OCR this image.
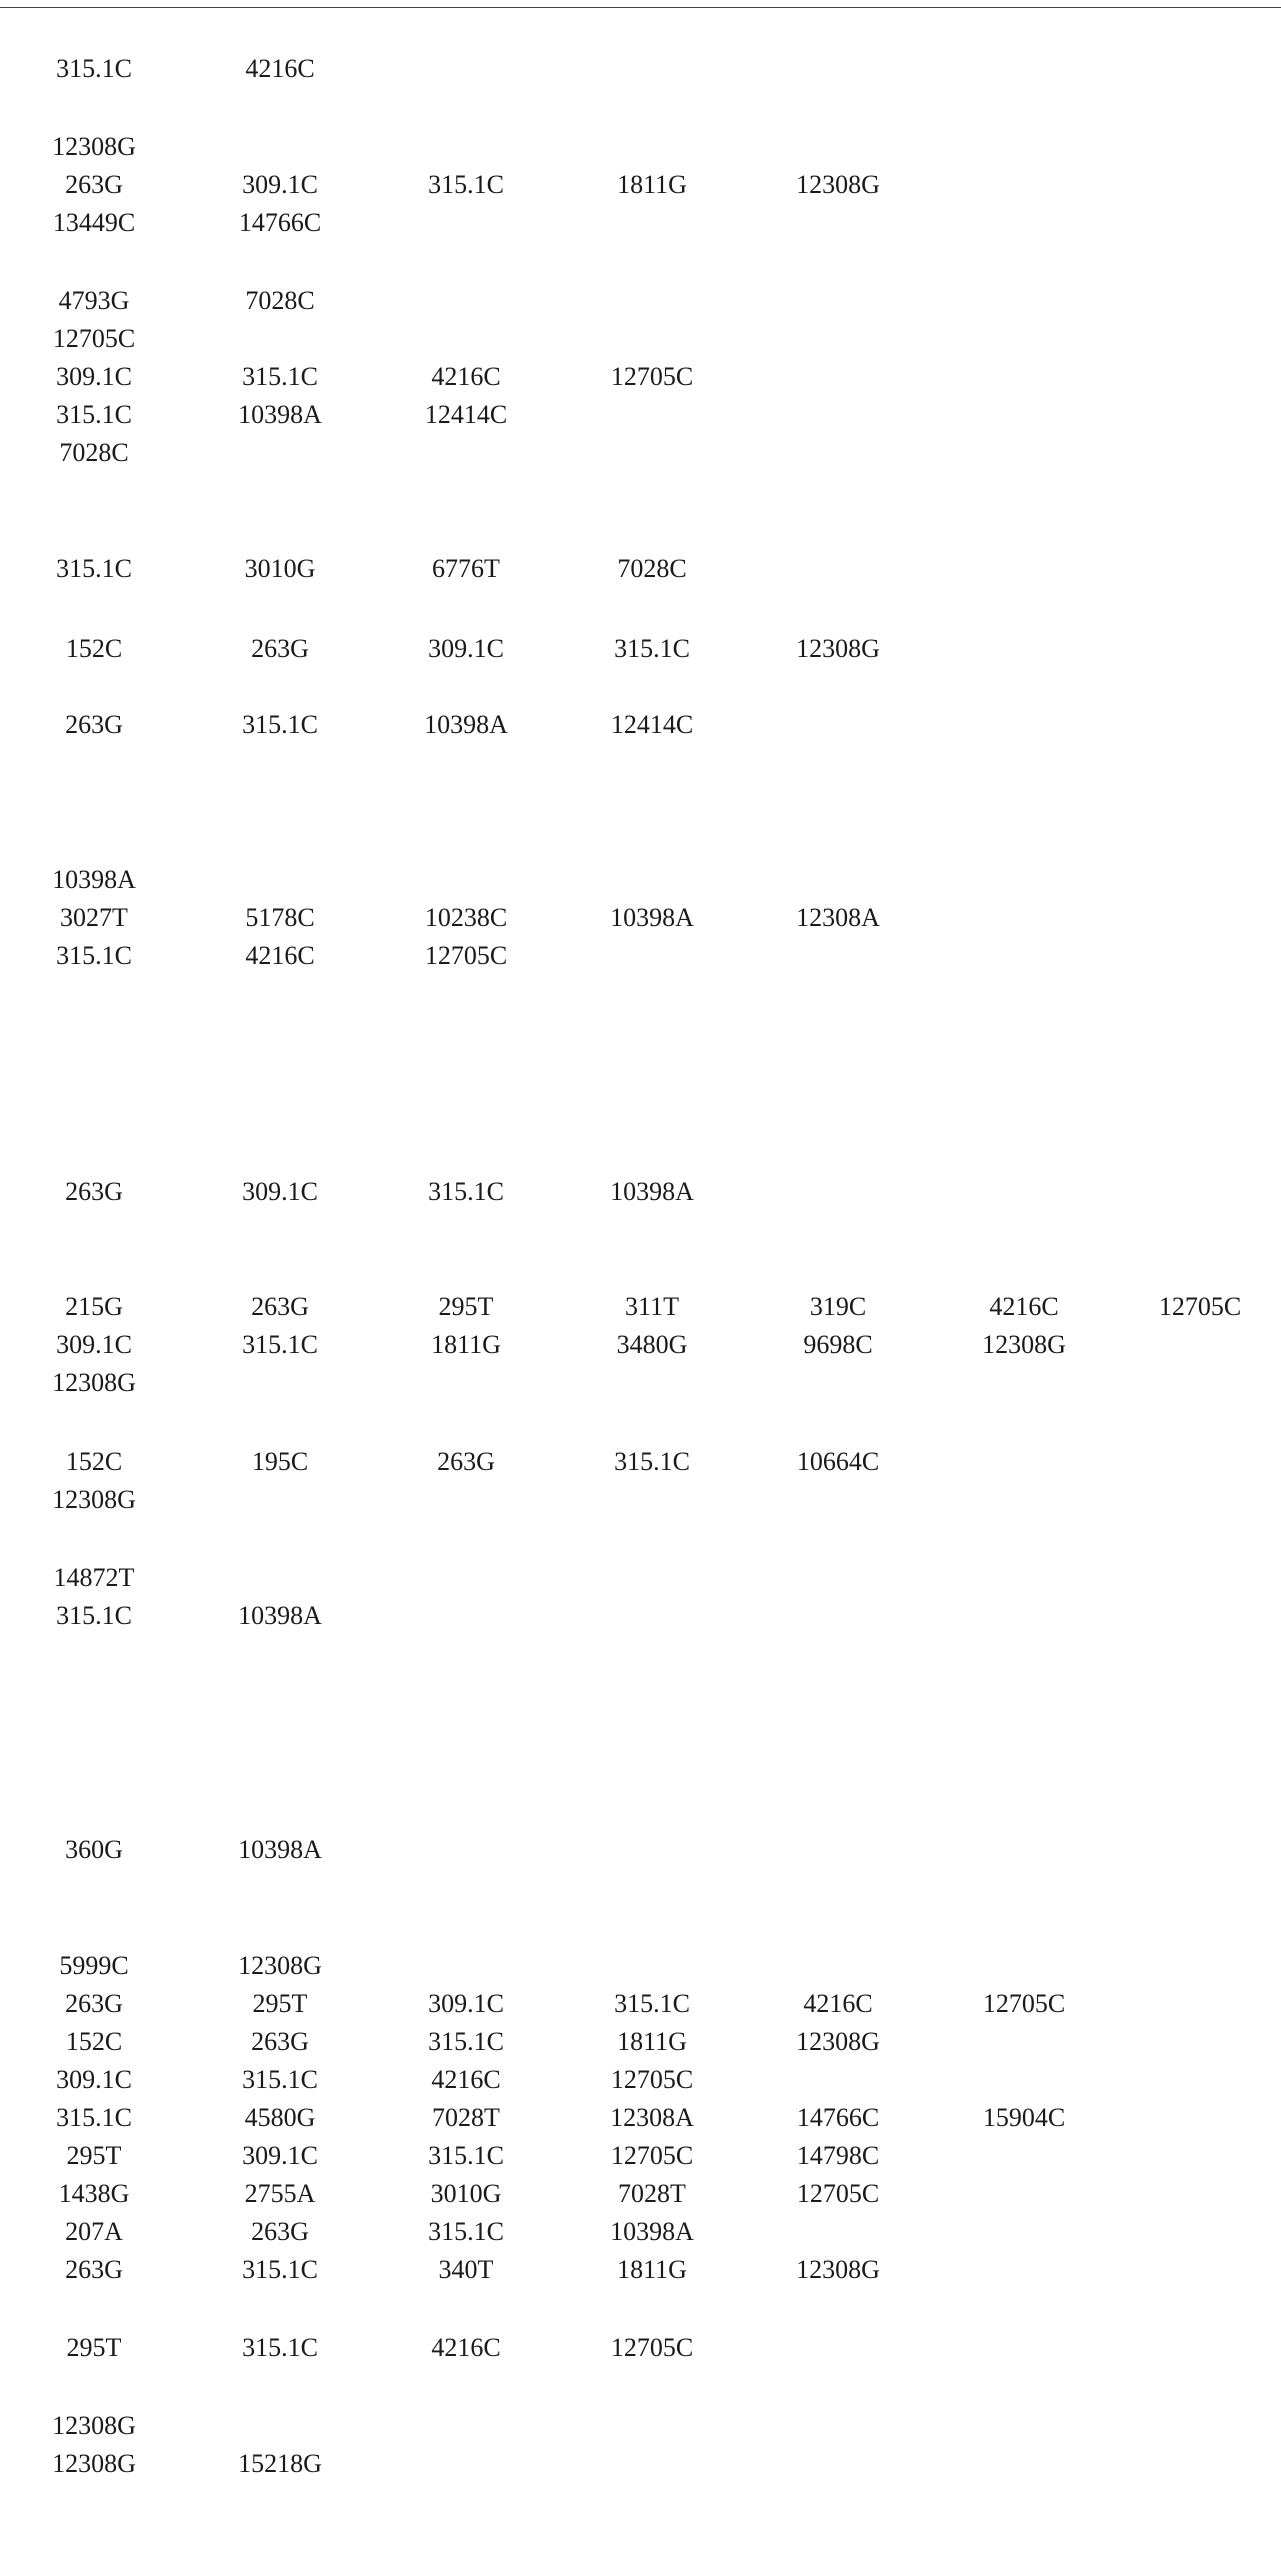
315.1C	4216C
12308G
263G	309.1C	315.1C	1811G	12308G
13449C	14766C
4793G	7028C
12705C
309.1C	315.1C	4216C	12705C
315.1C	10398A	12414C
7028C
315.1C	3010G	6776T	7028C
152C	263G	309.1C	315.1C	12308G
263G	315.1C	10398A	12414C
10398A
3027T	5178C	10238C	10398A	12308A
315.1C	4216C	12705C
263G	309.1C	315.1C	10398A
215G	263G	295T	311T	319C	4216C	12705C
309.1C	315.1C	1811G	3480G	9698C	12308G
12308G
152C	195C	263G	315.1C	10664C
12308G
14872T
315.1C	10398A
360G	10398A
5999C	12308G
263G	295T	309.1C	315.1C	4216C	12705C
152C	263G	315.1C	1811G	12308G
309.1C	315.1C	4216C	12705C
315.1C	4580G	7028T	12308A	14766C	15904C
295T	309.1C	315.1C	12705C	14798C
1438G	2755A	3010G	7028T	12705C
207A	263G	315.1C	10398A
263G	315.1C	340T	1811G	12308G
295T	315.1C	4216C	12705C
12308G
12308G	15218G
